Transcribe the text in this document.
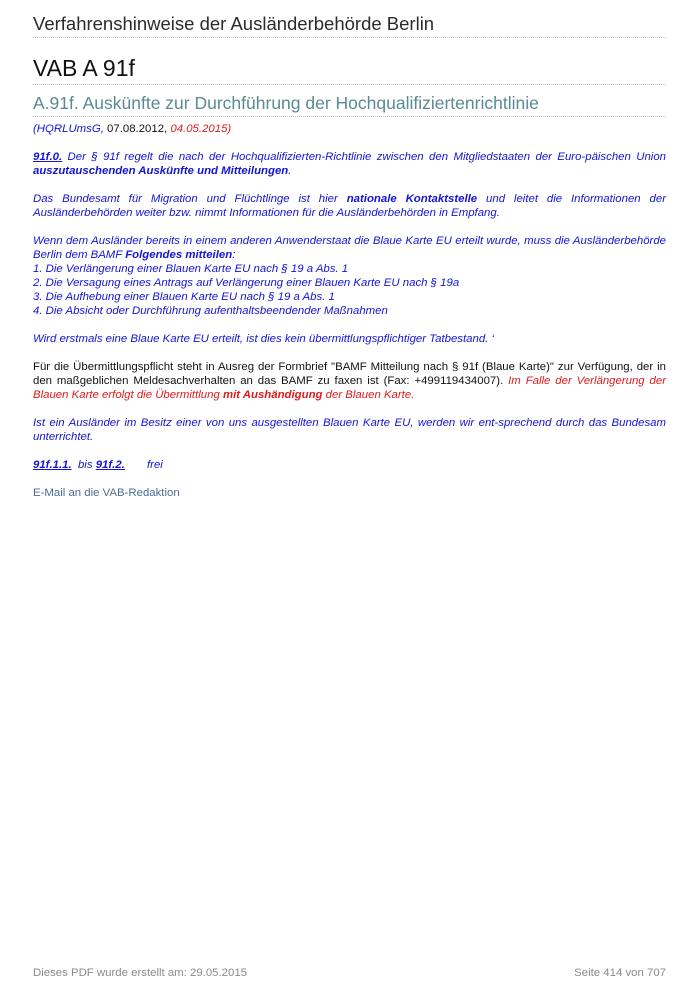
Verfahrenshinweise der Ausländerbehörde Berlin
VAB A 91f
A.91f. Auskünfte zur Durchführung der Hochqualifiziertenrichtlinie

(HQRLUmsG, 07.08.2012, 04.05.2015)

91f.0. Der § 91f regelt die nach der Hochqualifizierten-Richtlinie zwischen den Mitgliedstaaten der Euro-päischen Union auszutauschenden Auskünfte und Mitteilungen.

Das Bundesamt für Migration und Flüchtlinge ist hier nationale Kontaktstelle und leitet die Informationen der Ausländerbehörden weiter bzw. nimmt Informationen für die Ausländerbehörden in Empfang.

Wenn dem Ausländer bereits in einem anderen Anwenderstaat die Blaue Karte EU erteilt wurde, muss die Ausländerbehörde Berlin dem BAMF Folgendes mitteilen:

1. Die Verlängerung einer Blauen Karte EU nach § 19 a Abs. 1

2. Die Versagung eines Antrags auf Verlängerung einer Blauen Karte EU nach § 19a

3. Die Aufhebung einer Blauen Karte EU nach § 19 a Abs. 1

4. Die Absicht oder Durchführung aufenthaltsbeendender Maßnahmen

Wird erstmals eine Blaue Karte EU erteilt, ist dies kein übermittlungspflichtiger Tatbestand. ‘

Für die Übermittlungspflicht steht in Ausreg der Formbrief "BAMF Mitteilung nach § 91f (Blaue Karte)" zur Verfügung, der in den maßgeblichen Meldesachverhalten an das BAMF zu faxen ist (Fax: +499119434007). Im Falle der Verlängerung der Blauen Karte erfolgt die Übermittlung mit Aushändigung der Blauen Karte.

Ist ein Ausländer im Besitz einer von uns ausgestellten Blauen Karte EU, werden wir ent-sprechend durch das Bundesam unterrichtet.

91f.1.1.  bis 91f.2.       frei

E-Mail an die VAB-Redaktion

Dieses PDF wurde erstellt am: 29.05.2015	Seite 414 von 707
